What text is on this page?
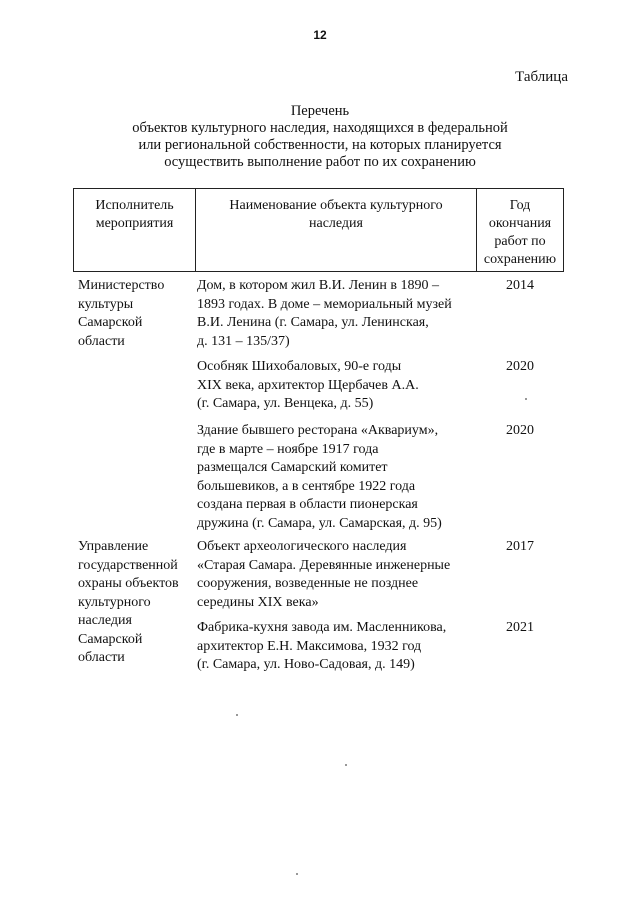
12
Таблица
Перечень
объектов культурного наследия, находящихся в федеральной
или региональной собственности, на которых планируется
осуществить выполнение работ по их сохранению
Исполнитель
мероприятия
Наименование объекта культурного
наследия
Год
окончания
работ по
сохранению
Министерство
культуры
Самарской
области
Дом, в котором жил В.И. Ленин в 1890 –
1893 годах. В доме – мемориальный музей
В.И. Ленина (г. Самара, ул. Ленинская,
д. 131 – 135/37)
2014
Особняк Шихобаловых, 90-е годы
XIX века, архитектор Щербачев А.А.
(г. Самара, ул. Венцека, д. 55)
2020
Здание бывшего ресторана «Аквариум»,
где в марте – ноябре 1917 года
размещался Самарский комитет
большевиков, а в сентябре 1922 года
создана первая в области пионерская
дружина (г. Самара, ул. Самарская, д. 95)
2020
Управление
государственной
охраны объектов
культурного
наследия
Самарской
области
Объект археологического наследия
«Старая Самара. Деревянные инженерные
сооружения, возведенные не позднее
середины XIX века»
2017
Фабрика-кухня завода им. Масленникова,
архитектор Е.Н. Максимова, 1932 год
(г. Самара, ул. Ново-Садовая, д. 149)
2021
